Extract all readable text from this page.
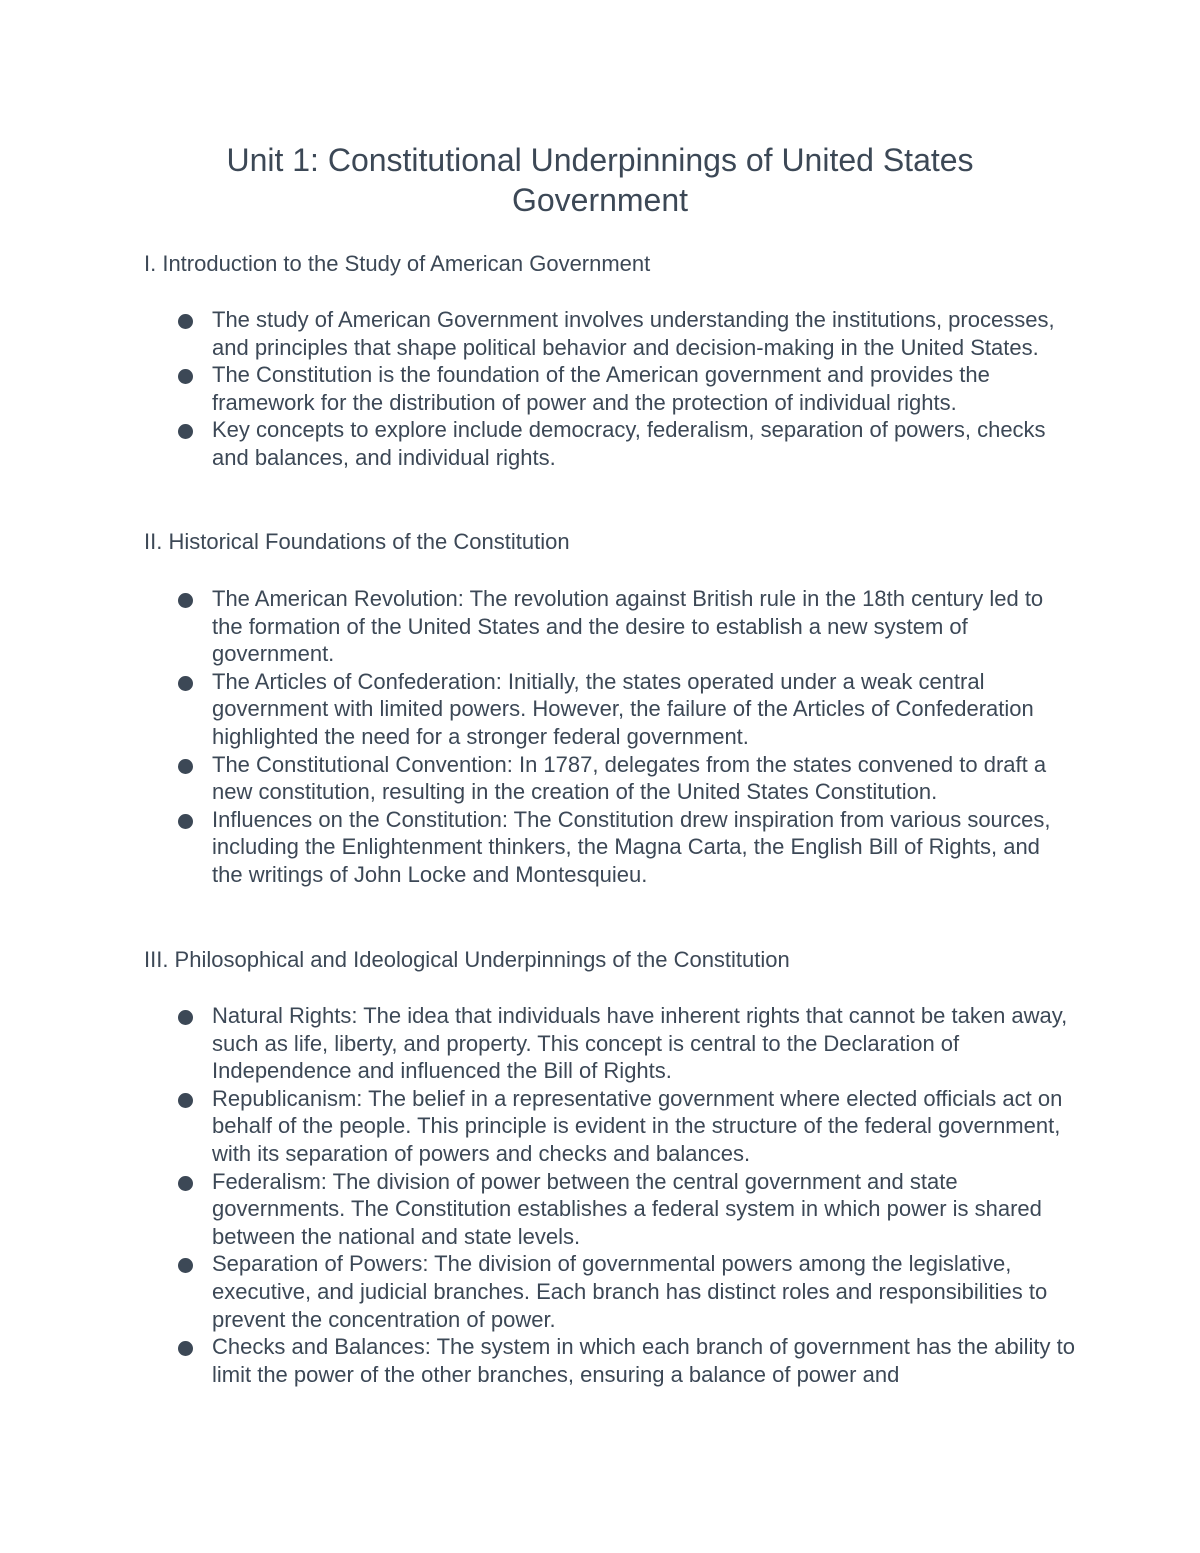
Unit 1: Constitutional Underpinnings of United States
Government
I. Introduction to the Study of American Government
The study of American Government involves understanding the institutions, processes, and principles that shape political behavior and decision-making in the United States.
The Constitution is the foundation of the American government and provides the framework for the distribution of power and the protection of individual rights.
Key concepts to explore include democracy, federalism, separation of powers, checks and balances, and individual rights.
II. Historical Foundations of the Constitution
The American Revolution: The revolution against British rule in the 18th century led to the formation of the United States and the desire to establish a new system of government.
The Articles of Confederation: Initially, the states operated under a weak central government with limited powers. However, the failure of the Articles of Confederation highlighted the need for a stronger federal government.
The Constitutional Convention: In 1787, delegates from the states convened to draft a new constitution, resulting in the creation of the United States Constitution.
Influences on the Constitution: The Constitution drew inspiration from various sources, including the Enlightenment thinkers, the Magna Carta, the English Bill of Rights, and the writings of John Locke and Montesquieu.
III. Philosophical and Ideological Underpinnings of the Constitution
Natural Rights: The idea that individuals have inherent rights that cannot be taken away, such as life, liberty, and property. This concept is central to the Declaration of Independence and influenced the Bill of Rights.
Republicanism: The belief in a representative government where elected officials act on behalf of the people. This principle is evident in the structure of the federal government, with its separation of powers and checks and balances.
Federalism: The division of power between the central government and state governments. The Constitution establishes a federal system in which power is shared between the national and state levels.
Separation of Powers: The division of governmental powers among the legislative, executive, and judicial branches. Each branch has distinct roles and responsibilities to prevent the concentration of power.
Checks and Balances: The system in which each branch of government has the ability to limit the power of the other branches, ensuring a balance of power and
